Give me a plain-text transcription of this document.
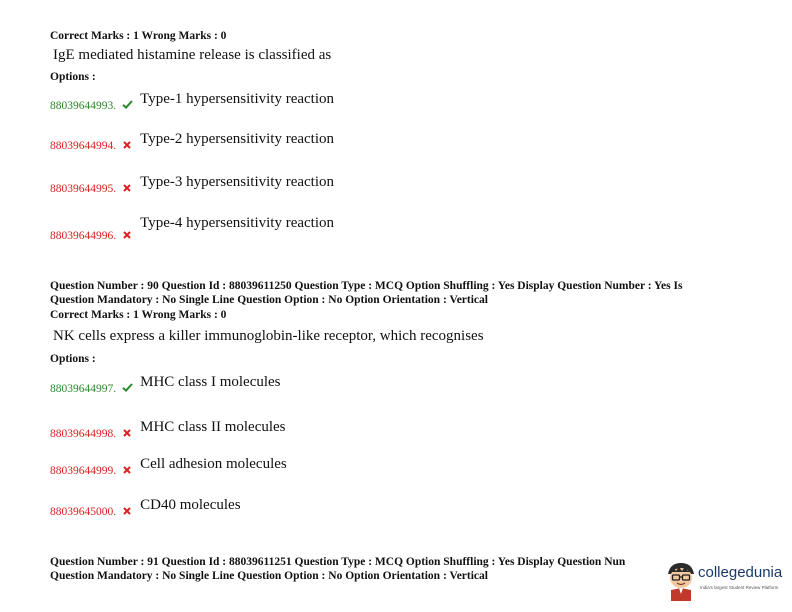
Correct Marks : 1 Wrong Marks : 0
IgE mediated histamine release is classified as
Options :
88039644993. Type-1 hypersensitivity reaction
88039644994. Type-2 hypersensitivity reaction
88039644995. Type-3 hypersensitivity reaction
88039644996.
Type-4 hypersensitivity reaction
Question Number : 90 Question Id : 88039611250 Question Type : MCQ Option Shuffling : Yes Display Question Number : Yes Is
Question Mandatory : No Single Line Question Option : No Option Orientation : Vertical
Correct Marks : 1 Wrong Marks : 0
NK cells express a killer immunoglobin-like receptor, which recognises
Options :
88039644997. MHC class I molecules
88039644998. MHC class II molecules
88039644999. Cell adhesion molecules
88039645000. CD40 molecules
Question Number : 91 Question Id : 88039611251 Question Type : MCQ Option Shuffling : Yes Display Question Nun
Question Mandatory : No Single Line Question Option : No Option Orientation : Vertical	collegedunia
India's largest Student Review Platform
